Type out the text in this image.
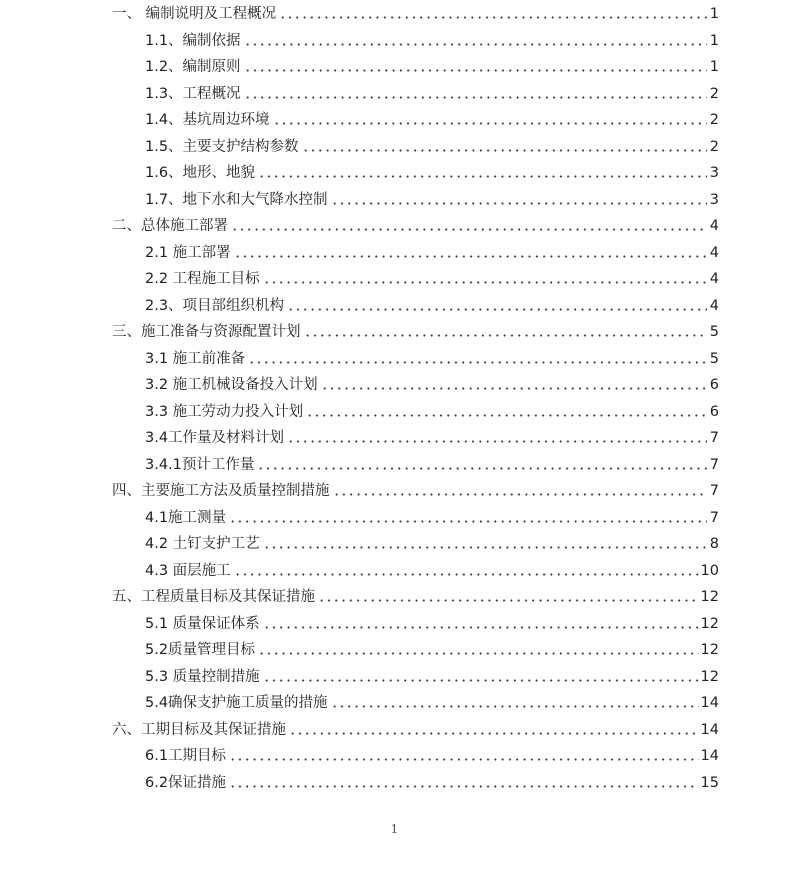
一、 编制说明及工程概况	1
1.1、编制依据	1
1.2、编制原则	1
1.3、工程概况	2
1.4、基坑周边环境	2
1.5、主要支护结构参数	2
1.6、地形、地貌	3
1.7、地下水和大气降水控制	3
二、总体施工部署	4
2.1 施工部署	4
2.2 工程施工目标	4
2.3、项目部组织机构	4
三、施工准备与资源配置计划	5
3.1 施工前准备	5
3.2 施工机械设备投入计划	6
3.3 施工劳动力投入计划	6
3.4工作量及材料计划	7
3.4.1预计工作量	7
四、主要施工方法及质量控制措施	7
4.1施工测量	7
4.2 土钉支护工艺	8
4.3 面层施工	10
五、工程质量目标及其保证措施	12
5.1 质量保证体系	12
5.2质量管理目标	12
5.3 质量控制措施	12
5.4确保支护施工质量的措施	14
六、工期目标及其保证措施	14
6.1工期目标	14
6.2保证措施	15
1
